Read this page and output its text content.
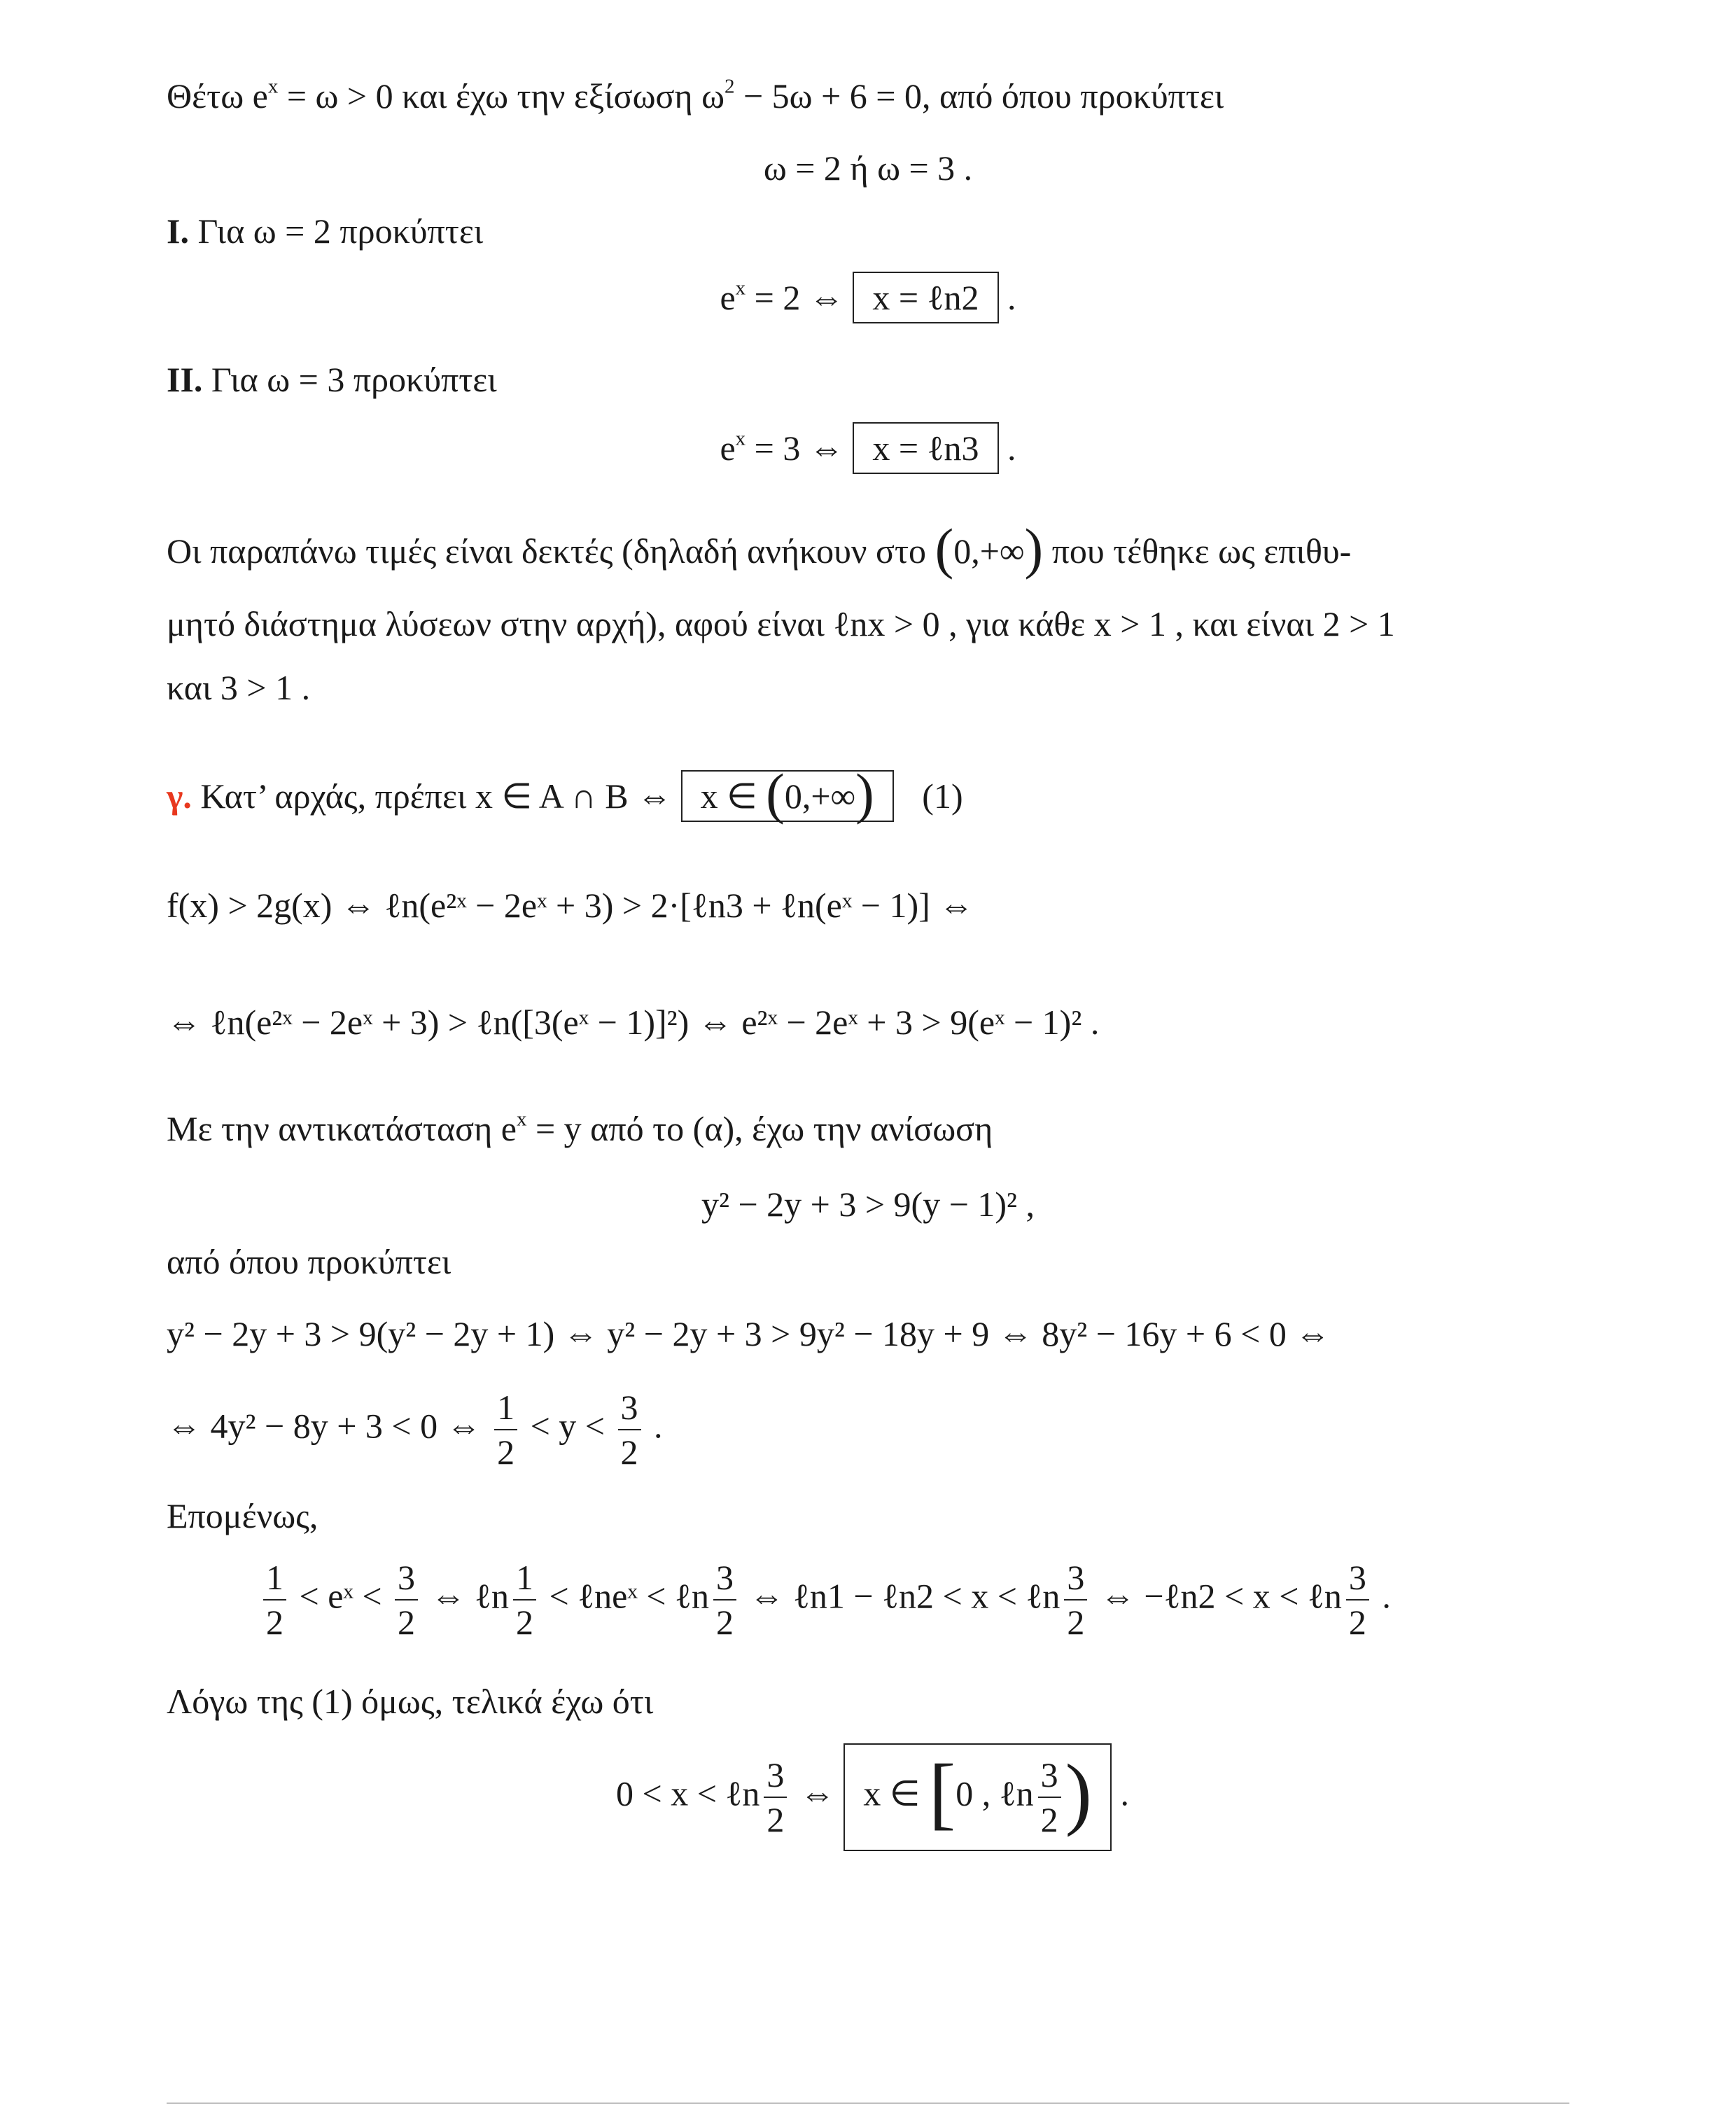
Θέτω $e^x = \omega > 0$ και έχω την εξίσωση $\omega^2 - 5\omega + 6 = 0$, από όπου προκύπτει
ω = 2 ή ω = 3 .
I. Για ω = 2 προκύπτει
$e^x = 2$ ⇔ x = ℓn2 .
II. Για ω = 3 προκύπτει
$e^x = 3$ ⇔ x = ℓn3 .
Οι παραπάνω τιμές είναι δεκτές (δηλαδή ανήκουν στο (0,+∞) που τέθηκε ως επιθυ-
μητό διάστημα λύσεων στην αρχή), αφού είναι ℓnx > 0 , για κάθε x > 1 , και είναι 2 > 1
και 3 > 1 .
γ. Κατ’ αρχάς, πρέπει x ∈ A ∩ B ⇔ x ∈ (0,+∞) (1)
f(x) > 2g(x) ⇔ ℓn(e²ˣ − 2eˣ + 3) > 2·[ℓn3 + ℓn(eˣ − 1)] ⇔
⇔ ℓn(e²ˣ − 2eˣ + 3) > ℓn([3(eˣ − 1)]²) ⇔ e²ˣ − 2eˣ + 3 > 9(eˣ − 1)² .
Με την αντικατάσταση $e^x = y$ από το (α), έχω την ανίσωση
y² − 2y + 3 > 9(y − 1)² ,
από όπου προκύπτει
y² − 2y + 3 > 9(y² − 2y + 1) ⇔ y² − 2y + 3 > 9y² − 18y + 9 ⇔ 8y² − 16y + 6 < 0 ⇔
⇔ 4y² − 8y + 3 < 0 ⇔ $\frac{1}{2} < y < \frac{3}{2}$ .
Επομένως,
$\frac{1}{2}$ < eˣ < $\frac{3}{2}$ ⇔ ℓn $\frac{1}{2}$ < ℓneˣ < ℓn $\frac{3}{2}$ ⇔ ℓn1 − ℓn2 < x < ℓn $\frac{3}{2}$ ⇔ −ℓn2 < x < ℓn $\frac{3}{2}$ .
Λόγω της (1) όμως, τελικά έχω ότι
0 < x < ℓn $\frac{3}{2}$ ⇔ x ∈ [0 , ℓn $\frac{3}{2}$ ) .
